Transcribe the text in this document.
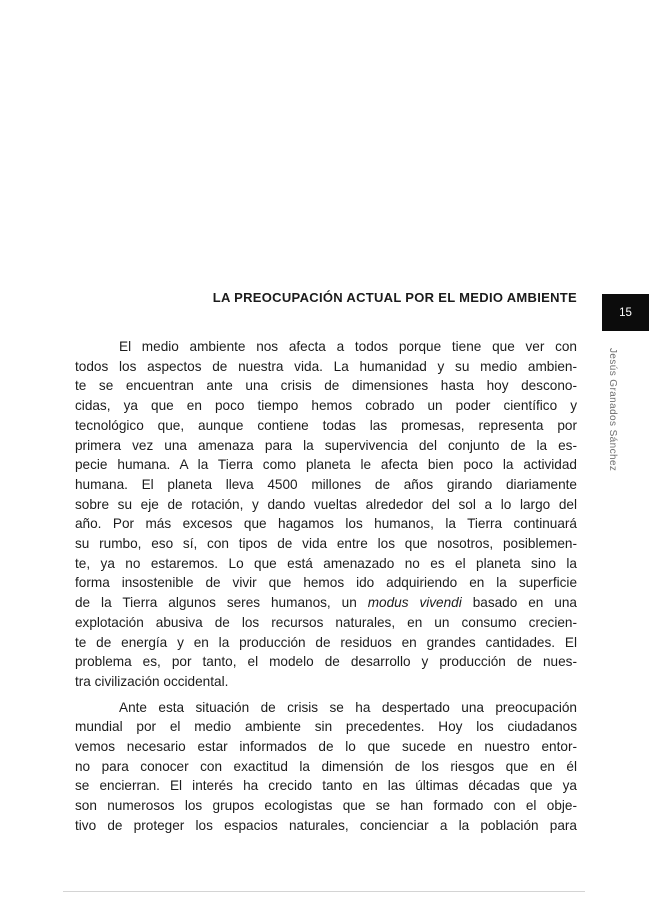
LA PREOCUPACIÓN ACTUAL POR EL MEDIO AMBIENTE
15
Jesús Granados Sánchez
El medio ambiente nos afecta a todos porque tiene que ver con
todos los aspectos de nuestra vida. La humanidad y su medio ambien-
te se encuentran ante una crisis de dimensiones hasta hoy descono-
cidas, ya que en poco tiempo hemos cobrado un poder científico y
tecnológico que, aunque contiene todas las promesas, representa por
primera vez una amenaza para la supervivencia del conjunto de la es-
pecie humana. A la Tierra como planeta le afecta bien poco la actividad
humana. El planeta lleva 4500 millones de años girando diariamente
sobre su eje de rotación, y dando vueltas alrededor del sol a lo largo del
año. Por más excesos que hagamos los humanos, la Tierra continuará
su rumbo, eso sí, con tipos de vida entre los que nosotros, posiblemen-
te, ya no estaremos. Lo que está amenazado no es el planeta sino la
forma insostenible de vivir que hemos ido adquiriendo en la superficie
de la Tierra algunos seres humanos, un modus vivendi basado en una
explotación abusiva de los recursos naturales, en un consumo crecien-
te de energía y en la producción de residuos en grandes cantidades. El
problema es, por tanto, el modelo de desarrollo y producción de nues-
tra civilización occidental.
Ante esta situación de crisis se ha despertado una preocupación
mundial por el medio ambiente sin precedentes. Hoy los ciudadanos
vemos necesario estar informados de lo que sucede en nuestro entor-
no para conocer con exactitud la dimensión de los riesgos que en él
se encierran. El interés ha crecido tanto en las últimas décadas que ya
son numerosos los grupos ecologistas que se han formado con el obje-
tivo de proteger los espacios naturales, concienciar a la población para
